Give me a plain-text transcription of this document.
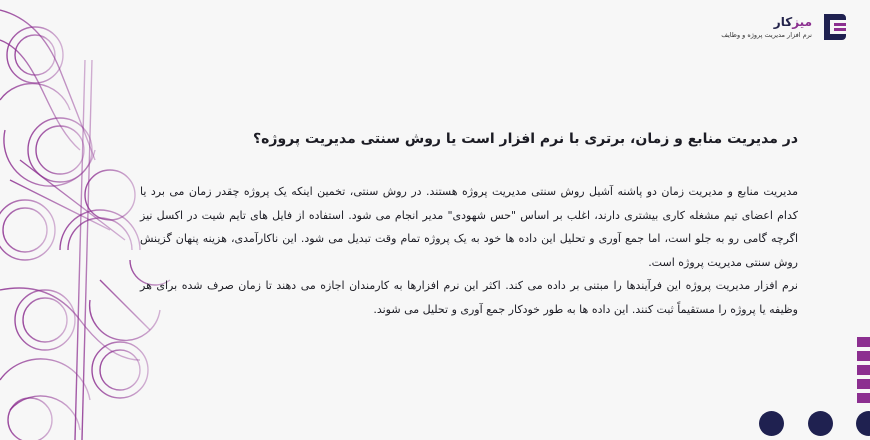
میزکار
نرم افزار مدیریت پروژه و وظایف
در مدیریت منابع و زمان، برتری با نرم افزار است یا روش سنتی مدیریت پروژه؟

مدیریت منابع و مدیریت زمان دو پاشنه آشیل روش سنتی مدیریت پروژه هستند. در روش سنتی، تخمین اینکه یک پروژه چقدر زمان می برد یا کدام اعضای تیم مشغله کاری بیشتری دارند، اغلب بر اساس "حس شهودی" مدیر انجام می شود. استفاده از فایل های تایم شیت در اکسل نیز اگرچه گامی رو به جلو است، اما جمع آوری و تحلیل این داده ها خود به یک پروژه تمام وقت تبدیل می شود. این ناکارآمدی، هزینه پنهان گزینش روش سنتی مدیریت پروژه است.

نرم افزار مدیریت پروژه این فرآیندها را مبتنی بر داده می کند. اکثر این نرم افزارها به کارمندان اجازه می دهند تا زمان صرف شده برای هر وظیفه یا پروژه را مستقیماً ثبت کنند. این داده ها به طور خودکار جمع آوری و تحلیل می شوند.
